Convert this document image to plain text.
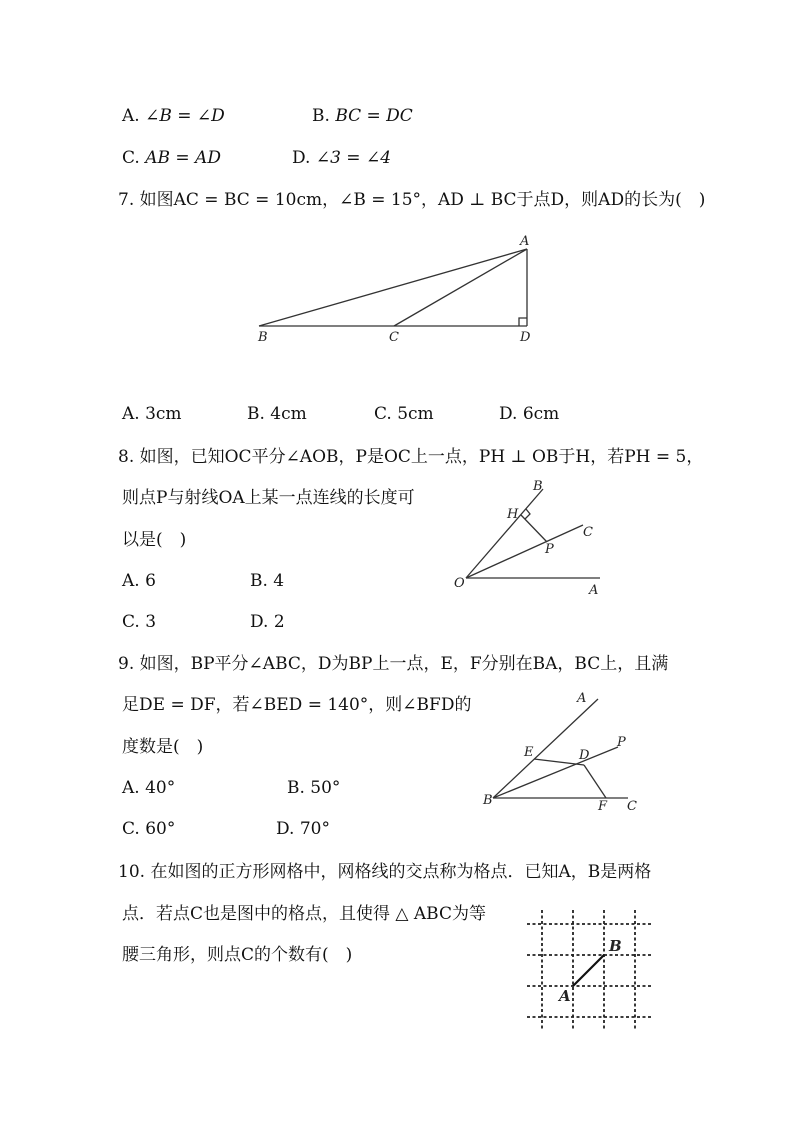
A. ∠B = ∠D	B. BC = DC
C. AB = AD	D. ∠3 = ∠4
7. 如图AC = BC = 10cm，∠B = 15°，AD ⊥ BC于点D，则AD的长为(　)
A
B	C	D
A. 3cm	B. 4cm	C. 5cm	D. 6cm
8. 如图，已知OC平分∠AOB，P是OC上一点，PH ⊥ OB于H，若PH = 5，
则点P与射线OA上某一点连线的长度可
以是(　)
A. 6	B. 4
C. 3	D. 2
B
H
C
P
O	A
9. 如图，BP平分∠ABC，D为BP上一点，E，F分别在BA，BC上，且满
足DE = DF，若∠BED = 140°，则∠BFD的
度数是(　)
A. 40°	B. 50°
C. 60°	D. 70°
A
E	D
P
B	F C
10. 在如图的正方形网格中，网格线的交点称为格点．已知A，B是两格
点．若点C也是图中的格点，且使得 △ ABC为等
腰三角形，则点C的个数有(　)	B
A
